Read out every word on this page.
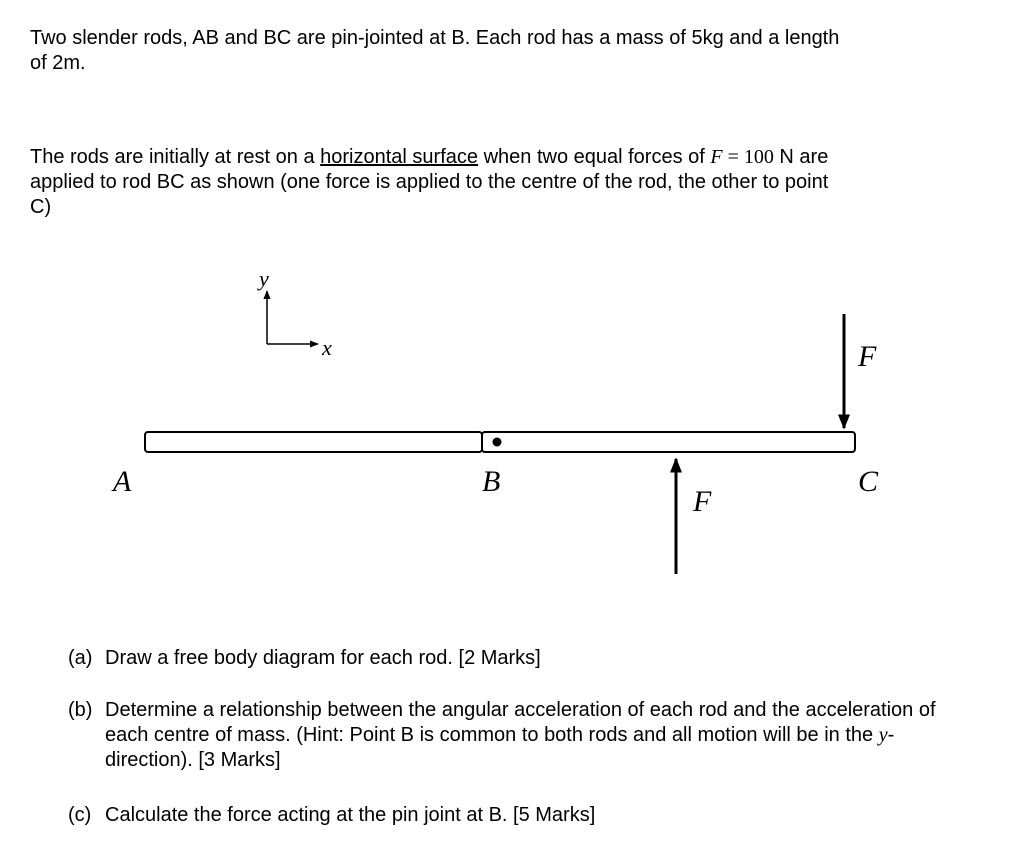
Two slender rods, AB and BC are pin-jointed at B. Each rod has a mass of 5kg and a length
of 2m.

The rods are initially at rest on a horizontal surface when two equal forces of F = 100 N are
applied to rod BC as shown (one force is applied to the centre of the rod, the other to point
C)

y
x
A	B	C
F
F
(a) Draw a free body diagram for each rod. [2 Marks]
(b) Determine a relationship between the angular acceleration of each rod and the acceleration of each centre of mass. (Hint: Point B is common to both rods and all motion will be in the y-direction). [3 Marks]
(c) Calculate the force acting at the pin joint at B. [5 Marks]
